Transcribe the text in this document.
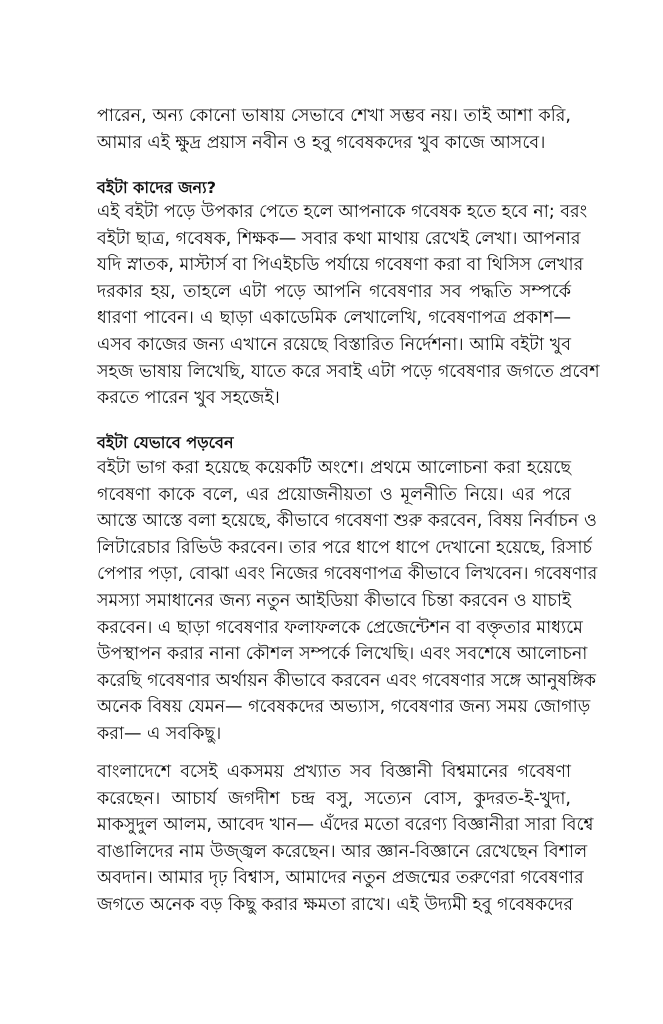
পারেন, অন্য কোনো ভাষায় সেভাবে শেখা সম্ভব নয়। তাই আশা করি,
আমার এই ক্ষুদ্র প্রয়াস নবীন ও হবু গবেষকদের খুব কাজে আসবে।
বইটা কাদের জন্য?
এই বইটা পড়ে উপকার পেতে হলে আপনাকে গবেষক হতে হবে না; বরং
বইটা ছাত্র, গবেষক, শিক্ষক— সবার কথা মাথায় রেখেই লেখা। আপনার
যদি স্নাতক, মাস্টার্স বা পিএইচডি পর্যায়ে গবেষণা করা বা থিসিস লেখার
দরকার হয়, তাহলে এটা পড়ে আপনি গবেষণার সব পদ্ধতি সম্পর্কে
ধারণা পাবেন। এ ছাড়া একাডেমিক লেখালেখি, গবেষণাপত্র প্রকাশ—
এসব কাজের জন্য এখানে রয়েছে বিস্তারিত নির্দেশনা। আমি বইটা খুব
সহজ ভাষায় লিখেছি, যাতে করে সবাই এটা পড়ে গবেষণার জগতে প্রবেশ
করতে পারেন খুব সহজেই।
বইটা যেভাবে পড়বেন
বইটা ভাগ করা হয়েছে কয়েকটি অংশে। প্রথমে আলোচনা করা হয়েছে
গবেষণা কাকে বলে, এর প্রয়োজনীয়তা ও মূলনীতি নিয়ে। এর পরে
আস্তে আস্তে বলা হয়েছে, কীভাবে গবেষণা শুরু করবেন, বিষয় নির্বাচন ও
লিটারেচার রিভিউ করবেন। তার পরে ধাপে ধাপে দেখানো হয়েছে, রিসার্চ
পেপার পড়া, বোঝা এবং নিজের গবেষণাপত্র কীভাবে লিখবেন। গবেষণার
সমস্যা সমাধানের জন্য নতুন আইডিয়া কীভাবে চিন্তা করবেন ও যাচাই
করবেন। এ ছাড়া গবেষণার ফলাফলকে প্রেজেন্টেশন বা বক্তৃতার মাধ্যমে
উপস্থাপন করার নানা কৌশল সম্পর্কে লিখেছি। এবং সবশেষে আলোচনা
করেছি গবেষণার অর্থায়ন কীভাবে করবেন এবং গবেষণার সঙ্গে আনুষঙ্গিক
অনেক বিষয় যেমন— গবেষকদের অভ্যাস, গবেষণার জন্য সময় জোগাড়
করা— এ সবকিছু।
বাংলাদেশে বসেই একসময় প্রখ্যাত সব বিজ্ঞানী বিশ্বমানের গবেষণা
করেছেন। আচার্য জগদীশ চন্দ্র বসু, সত্যেন বোস, কুদরত-ই-খুদা,
মাকসুদুল আলম, আবেদ খান— এঁদের মতো বরেণ্য বিজ্ঞানীরা সারা বিশ্বে
বাঙালিদের নাম উজ্জ্বল করেছেন। আর জ্ঞান-বিজ্ঞানে রেখেছেন বিশাল
অবদান। আমার দৃঢ় বিশ্বাস, আমাদের নতুন প্রজন্মের তরুণেরা গবেষণার
জগতে অনেক বড় কিছু করার ক্ষমতা রাখে। এই উদ্যমী হবু গবেষকদের
